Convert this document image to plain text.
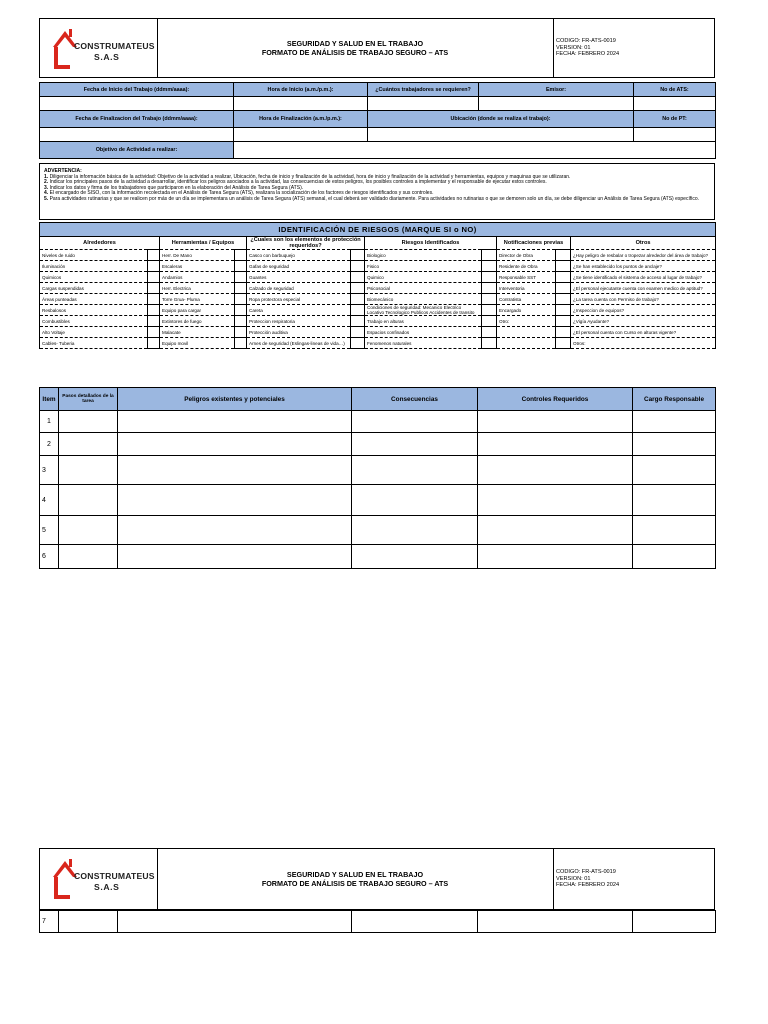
CONSTRUMATEUS
S.A.S
SEGURIDAD Y SALUD EN EL TRABAJO
FORMATO DE ANÁLISIS DE TRABAJO SEGURO – ATS
CODIGO: FR-ATS-0019
VERSION: 01
FECHA: FEBRERO 2024
Fecha de Inicio del Trabajo (ddmm/aaaa):	Hora de Inicio (a.m./p.m.):	¿Cuántos trabajadores se requieren?	Emisor:	No de ATS:

Fecha de Finalizacion del Trabajo (ddmm/aaaa):	Hora de Finalización (a.m./p.m.):	Ubicación (donde se realiza el trabajo):		No de PT:

Objetivo de Actividad a realizar:				
ADVERTENCIA:
1. Diligenciar la información básica de la actividad: Objetivo de la actividad a realizar, Ubicación, fecha de inicio y finalización de la actividad, hora de inicio y finalización de la actividad y herramientas, equipos y maquinas que se utilizaran.
2. Indicar los principales pasos de la actividad a desarrollar, identificar los peligros asociados a la actividad, las consecuencias de estos peligros, los posibles controles a implementar y el responsable de ejecutar estos controles.
3. Indicar los datos y firma de los trabajadores que participaron en la elaboración del Análisis de Tarea Segura (ATS).
4. El encargado de SISO, con la información recolectada en el Análisis de Tarea Segura (ATS), realizara la socialización de los factores de riesgos identificados y sus controles.
5. Para actividades rutinarias y que se realicen por más de un día se implementara un análisis de Tarea Segura (ATS) semanal, el cual deberá ser validado diariamente. Para actividades no rutinarias o que se demoren solo un día, se debe diligenciar un Análisis de Tarea Segura (ATS) específico.
IDENTIFICACIÓN DE RIESGOS (MARQUE SI o NO)										
Alrededores		Herramientas / Equipos		¿Cuales son los elementos de protección requeridos?		Riesgos Identificados		Notificaciones previas		Otros
Niveles de ruido		Herr. De Mano		Casco con barbuquejo		Biologico		Director de Obra		¿Hay peligro de resbalar o tropezar alrededor del área de trabajo?
Iluminación		Escaleras		Gafas de seguridad		Fisico		Residente de Obra		¿Se han establecido los puntos de anclaje?
Quimicos		Andamios		Guantes		Quimico		Responsable SST		¿Se tiene identificado el sistema de acceso al lugar de trabajo?
Cargas suspendidas		Herr. Electrica		Calzado de seguridad		Psicosocial		Interventoria		¿El personal ejecutante cuenta con examen medico de aptitud?
Áreas punteadas		Torre Grua- Pluma		Ropa protectora especial		Biomecánico		Contratista		¿La tarea cuenta con Permiso de trabajo?
Resbalosos		Equipo para cargar		Careta		Condiciones de seguridad: Mecanico Electrico Locativo Tecnologico Publicos Accidentes de transito		Encargado		¿Inspeccion de equipos?
Combustibles		Extintores de fuego		Proteccion respiratoria		Trabajo en alturas		Otro:		¿Vigía Ayudante?
Alto Voltaje		Malacate		Protección auditiva		Espacios confinados				¿El personal cuenta con Curso en alturas vigente?
Cables- Tuberia		Equipo movil		Arnes de seguridad (Eslingas-lineas de vida…)		Fenomenos naturales				Otros:
Item	Pasos detallados de la tarea	Peligros existentes y potenciales	Consecuencias	Controles Requeridos	Cargo Responsable
1					
2					
3					
4					
5					
6					
CONSTRUMATEUS
S.A.S
SEGURIDAD Y SALUD EN EL TRABAJO
FORMATO DE ANÁLISIS DE TRABAJO SEGURO – ATS
CODIGO: FR-ATS-0019
VERSION: 01
FECHA: FEBRERO 2024
7					
